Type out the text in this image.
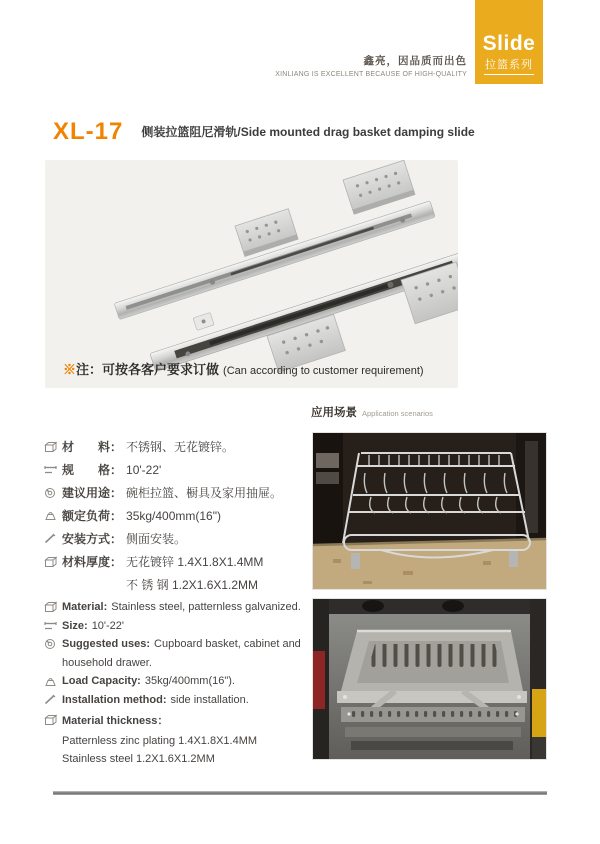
鑫亮，因品质而出色
XINLIANG IS EXCELLENT BECAUSE OF HIGH-QUALITY
Slide
拉篮系列
XL-17 侧装拉篮阻尼滑轨/Side mounted drag basket damping slide
※注：可按各客户要求订做 (Can according to customer requirement)
材　　料： 不锈钢、无花镀锌。
规　　格： 10'-22'
建议用途： 碗柜拉篮、橱具及家用抽屉。
额定负荷： 35kg/400mm(16")
安装方式： 侧面安装。
材料厚度： 无花镀锌 1.4X1.8X1.4MM
不 锈 钢 1.2X1.6X1.2MM
应用场景 Application scenarios
Material: Stainless steel, patternless galvanized.
Size: 10'-22'
Suggested uses: Cupboard basket, cabinet and
household drawer.
Load Capacity: 35kg/400mm(16").
Installation method: side installation.
Material thickness：
Patternless zinc plating 1.4X1.8X1.4MM
Stainless steel 1.2X1.6X1.2MM
